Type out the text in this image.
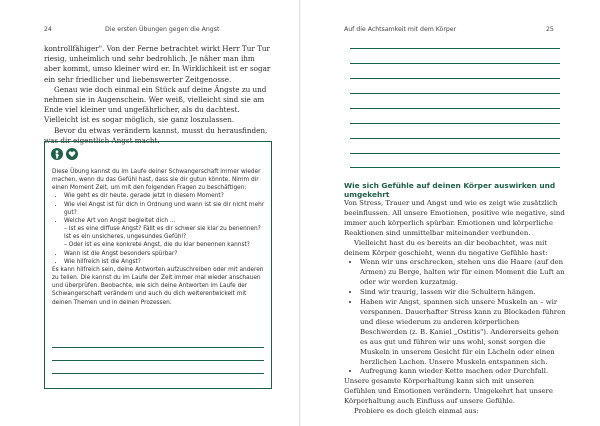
24	Die ersten Übungen gegen die Angst

kontrollfähiger". Von der Ferne betrachtet wirkt Herr Tur Tur riesig, unheimlich und sehr bedrohlich. Je näher man ihm aber kommt, umso kleiner wird er. In Wirklichkeit ist er sogar ein sehr friedlicher und liebenswerter Zeitgenosse.

Genau wie doch einmal ein Stück auf deine Ängste zu und nehmen sie in Augenschein. Wer weiß, vielleicht sind sie am Ende viel kleiner und ungefährlicher, als du dachtest. Vielleicht ist es sogar möglich, sie ganz loszulassen.

Bevor du etwas verändern kannst, musst du herausfinden, was dir eigentlich Angst macht.

Diese Übung kannst du im Laufe deiner Schwangerschaft immer wieder machen, wenn du das Gefühl hast, dass sie dir gutun könnte. Nimm dir einen Moment Zeit, um mit den folgenden Fragen zu beschäftigen:

• Wie geht es dir heute, gerade jetzt in diesem Moment?
• Wie viel Angst ist für dich in Ordnung und wann ist sie dir nicht mehr gut?
• Welche Art von Angst begleitet dich …
– Ist es eine diffuse Angst? Fällt es dir schwer sie klar zu benennen? Ist es ein unsicheres, ungesundes Gefühl?
– Oder ist es eine konkrete Angst, die du klar benennen kannst?
• Wann ist die Angst besonders spürbar?
• Wie hilfreich ist die Angst?

Es kann hilfreich sein, deine Antworten aufzuschreiben oder mit anderen zu teilen. Die kannst du im Laufe der Zeit immer mal wieder anschauen und überprüfen. Beobachte, wie sich deine Antworten im Laufe der Schwangerschaft verändern und auch du dich weiterentwickelt mit deinen Themen und in deinen Prozessen.

Auf die Achtsamkeit mit dem Körper	25
Wie sich Gefühle auf deinen Körper auswirken und umgekehrt

Von Stress, Trauer und Angst und wie es zeigt wie zusätzlich beeinflussen. All unsere Emotionen, positive wie negative, sind immer auch körperlich spürbar. Emotionen und körperliche Reaktionen sind unmittelbar miteinander verbunden.

Vielleicht hast du es bereits an dir beobachtet, was mit deinem Körper geschieht, wenn du negative Gefühle hast:

• Wenn wir uns erschrecken, stehen uns die Haare (auf den Armen) zu Berge, halten wir für einen Moment die Luft an oder wir werden kurzatmig.
• Sind wir traurig, lassen wir die Schultern hängen.
• Haben wir Angst, spannen sich unsere Muskeln an – wir verspannen. Dauerhafter Stress kann zu Blockaden führen und diese wiederum zu anderen körperlichen Beschwerden (z. B. Kaniel „Ostitis"). Andererseits gehen es aus gut und führen wir uns wohl, sonst sorgen die Muskeln in unserem Gesicht für ein Lächeln oder einen herzlichen Lachen. Unsere Muskeln entspannen sich.
• Aufregung kann wieder Kette machen oder Durchfall.

Unsere gesamte Körperhaltung kann sich mit unseren Gefühlen und Emotionen verändern. Umgekehrt hat unsere Körperhaltung auch Einfluss auf unsere Gefühle.

Probiere es doch gleich einmal aus:
